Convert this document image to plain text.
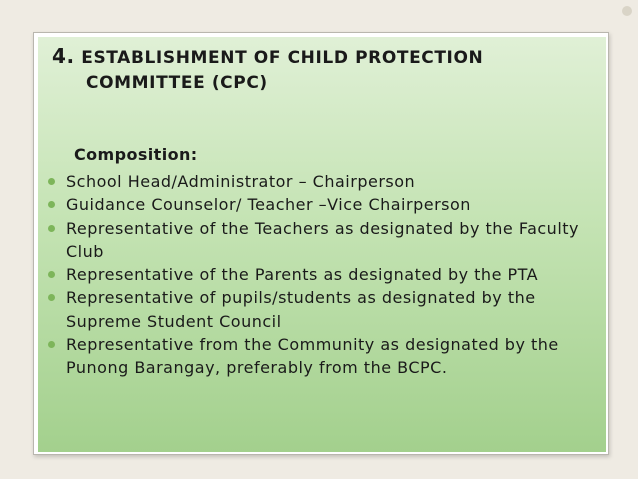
4. ESTABLISHMENT OF CHILD PROTECTION
COMMITTEE (CPC)
Composition:
School Head/Administrator – Chairperson
Guidance Counselor/ Teacher –Vice Chairperson
Representative of the Teachers as designated by the Faculty Club
Representative of the Parents as designated by the PTA
Representative of pupils/students as designated by the Supreme Student Council
Representative from the Community as designated by the Punong Barangay, preferably from the BCPC.
